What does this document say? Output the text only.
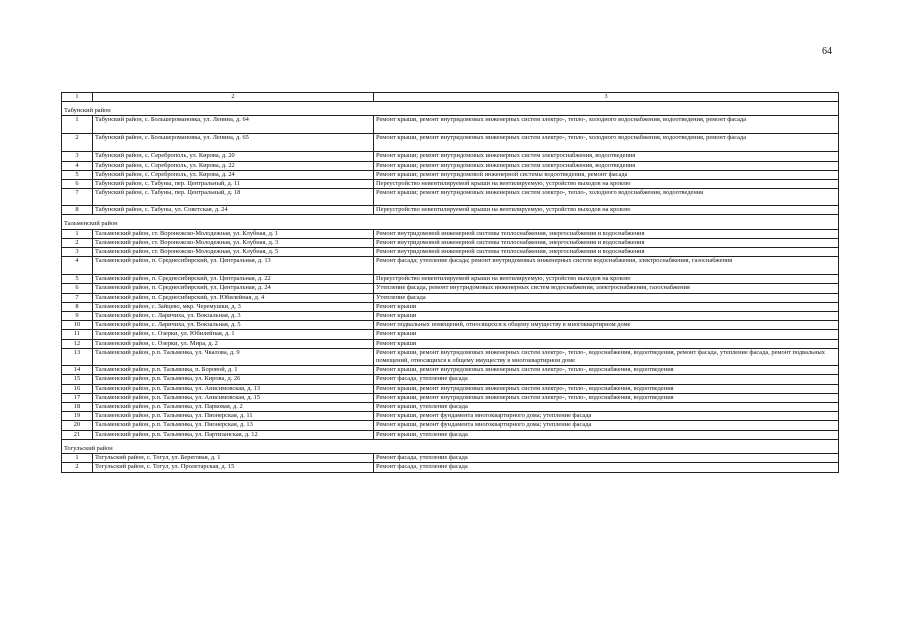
64
1	2	3
Табунский район		
1	Табунский район, с. Большеромановка, ул. Ленина, д. 64	Ремонт крыши, ремонт внутридомовых инженерных систем электро-, тепло-, холодного водоснабжения, водоотведения, ремонт фасада
2	Табунский район, с. Большеромановка, ул. Ленина, д. 65	Ремонт крыши, ремонт внутридомовых инженерных систем электро-, тепло-, холодного водоснабжения, водоотведения, ремонт фасада
3	Табунский район, с. Сереброполь, ул. Кирова, д. 20	Ремонт крыши; ремонт внутридомовых инженерных систем электроснабжения, водоотведения
4	Табунский район, с. Сереброполь, ул. Кирова, д. 22	Ремонт крыши; ремонт внутридомовых инженерных систем электроснабжения, водоотведения
5	Табунский район, с. Сереброполь, ул. Кирова, д. 24	Ремонт крыши; ремонт внутридомовой инженерной системы водоотведения, ремонт фасада
6	Табунский район, с. Табуны, пер. Центральный, д. 11	Переустройство невентилируемой крыши на вентилируемую, устройство выходов на кровлю
7	Табунский район, с. Табуны, пер. Центральный, д. 18	Ремонт крыши; ремонт внутридомовых инженерных систем электро-, тепло-, холодного водоснабжения, водоотведения
8	Табунский район, с. Табуны, ул. Советская, д. 24	Переустройство невентилируемой крыши на вентилируемую, устройство выходов на кровлю
Тальменский район		
1	Тальменский район, ст. Воронежско-Молодежная, ул. Клубная, д. 1	Ремонт внутридомовой инженерной системы теплоснабжения, энергоснабжения и водоснабжения
2	Тальменский район, ст. Воронежско-Молодежная, ул. Клубная, д. 3	Ремонт внутридомовой инженерной системы теплоснабжения, энергоснабжения и водоснабжения
3	Тальменский район, ст. Воронежско-Молодежная, ул. Клубная, д. 5	Ремонт внутридомовой инженерной системы теплоснабжения, энергоснабжения и водоснабжения
4	Тальменский район, п. Среднесибирский, ул. Центральная, д. 13	Ремонт фасада; утепление фасада; ремонт внутридомовых инженерных систем водоснабжения, электроснабжения, газоснабжения
5	Тальменский район, п. Среднесибирский, ул. Центральная, д. 22	Переустройство невентилируемой крыши на вентилируемую, устройство выходов на кровлю
6	Тальменский район, п. Среднесибирский, ул. Центральная, д. 24	Утепление фасада, ремонт внутридомовых инженерных систем водоснабжения, электроснабжения, газоснабжения
7	Тальменский район, п. Среднесибирский, ул. Юбилейная, д. 4	Утепление фасада
8	Тальменский район, с. Зайцево, мкр. Черемушки, д. 3	Ремонт крыши
9	Тальменский район, с. Ларичиха, ул. Вокзальная, д. 3	Ремонт крыши
10	Тальменский район, с. Ларичиха, ул. Вокзальная, д. 5	Ремонт подвальных помещений, относящихся к общему имуществу в многоквартирном доме
11	Тальменский район, с. Озерки, ул. Юбилейная, д. 1	Ремонт крыши
12	Тальменский район, с. Озерки, ул. Мира, д. 2	Ремонт крыши
13	Тальменский район, р.п. Тальменка, ул. Чкалова, д. 9	Ремонт крыши, ремонт внутридомовых инженерных систем электро-, тепло-, водоснабжения, водоотведения, ремонт фасада, утепление фасада, ремонт подвальных помещений, относящихся к общему имуществу в многоквартирном доме
14	Тальменский район, р.п. Тальменка, п. Боровой, д. 1	Ремонт крыши, ремонт внутридомовых инженерных систем электро-, тепло-, водоснабжения, водоотведения
15	Тальменский район, р.п. Тальменка, ул. Кирова, д. 26	Ремонт фасада, утепление фасада
16	Тальменский район, р.п. Тальменка, ул. Анисимовская, д. 13	Ремонт крыши, ремонт внутридомовых инженерных систем электро-, тепло-, водоснабжения, водоотведения
17	Тальменский район, р.п. Тальменка, ул. Анисимовская, д. 15	Ремонт крыши, ремонт внутридомовых инженерных систем электро-, тепло-, водоснабжения, водоотведения
18	Тальменский район, р.п. Тальменка, ул. Парковая, д. 2	Ремонт крыши, утепление фасада
19	Тальменский район, р.п. Тальменка, ул. Пионерская, д. 11	Ремонт крыши, ремонт фундамента многоквартирного дома; утепление фасада
20	Тальменский район, р.п. Тальменка, ул. Пионерская, д. 13	Ремонт крыши, ремонт фундамента многоквартирного дома; утепление фасада
21	Тальменский район, р.п. Тальменка, ул. Партизанская, д. 12	Ремонт крыши, утепление фасада
Тогульский район		
1	Тогульский район, с. Тогул, ул. Береговая, д. 1	Ремонт фасада, утепление фасада
2	Тогульский район, с. Тогул, ул. Пролетарская, д. 15	Ремонт фасада, утепление фасада
